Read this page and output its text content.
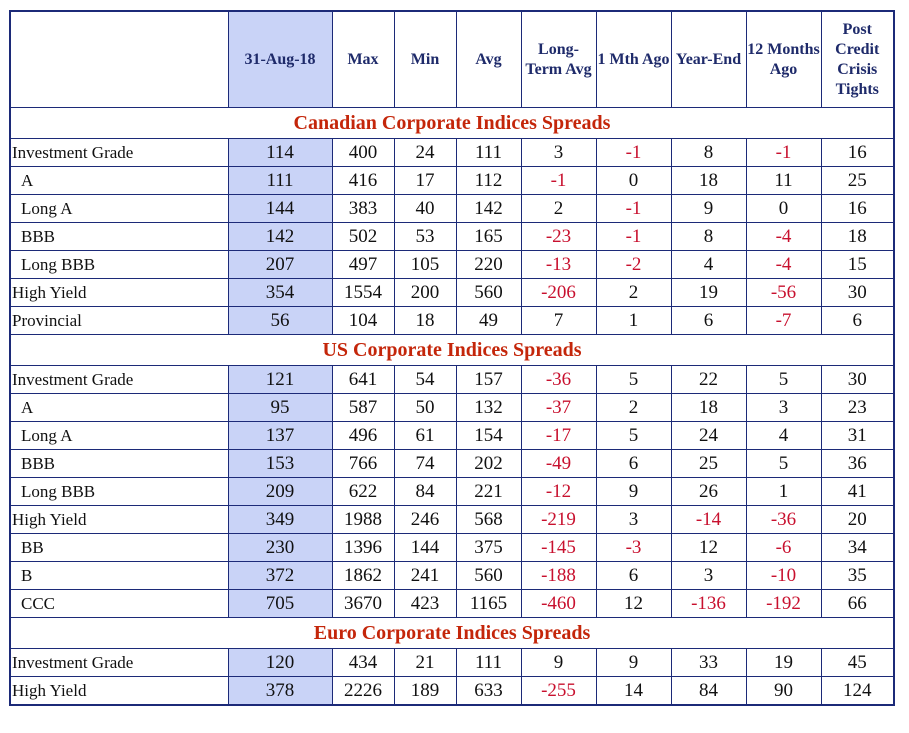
	31-Aug-18	Max	Min	Avg	Long-Term Avg	1 Mth Ago	Year-End	12 Months Ago	Post Credit Crisis Tights
Canadian Corporate Indices Spreads									
Investment Grade	114	400	24	111	3	-1	8	-1	16
A	111	416	17	112	-1	0	18	11	25
Long A	144	383	40	142	2	-1	9	0	16
BBB	142	502	53	165	-23	-1	8	-4	18
Long BBB	207	497	105	220	-13	-2	4	-4	15
High Yield	354	1554	200	560	-206	2	19	-56	30
Provincial	56	104	18	49	7	1	6	-7	6
US Corporate Indices Spreads									
Investment Grade	121	641	54	157	-36	5	22	5	30
A	95	587	50	132	-37	2	18	3	23
Long A	137	496	61	154	-17	5	24	4	31
BBB	153	766	74	202	-49	6	25	5	36
Long BBB	209	622	84	221	-12	9	26	1	41
High Yield	349	1988	246	568	-219	3	-14	-36	20
BB	230	1396	144	375	-145	-3	12	-6	34
B	372	1862	241	560	-188	6	3	-10	35
CCC	705	3670	423	1165	-460	12	-136	-192	66
Euro Corporate Indices Spreads									
Investment Grade	120	434	21	111	9	9	33	19	45
High Yield	378	2226	189	633	-255	14	84	90	124
